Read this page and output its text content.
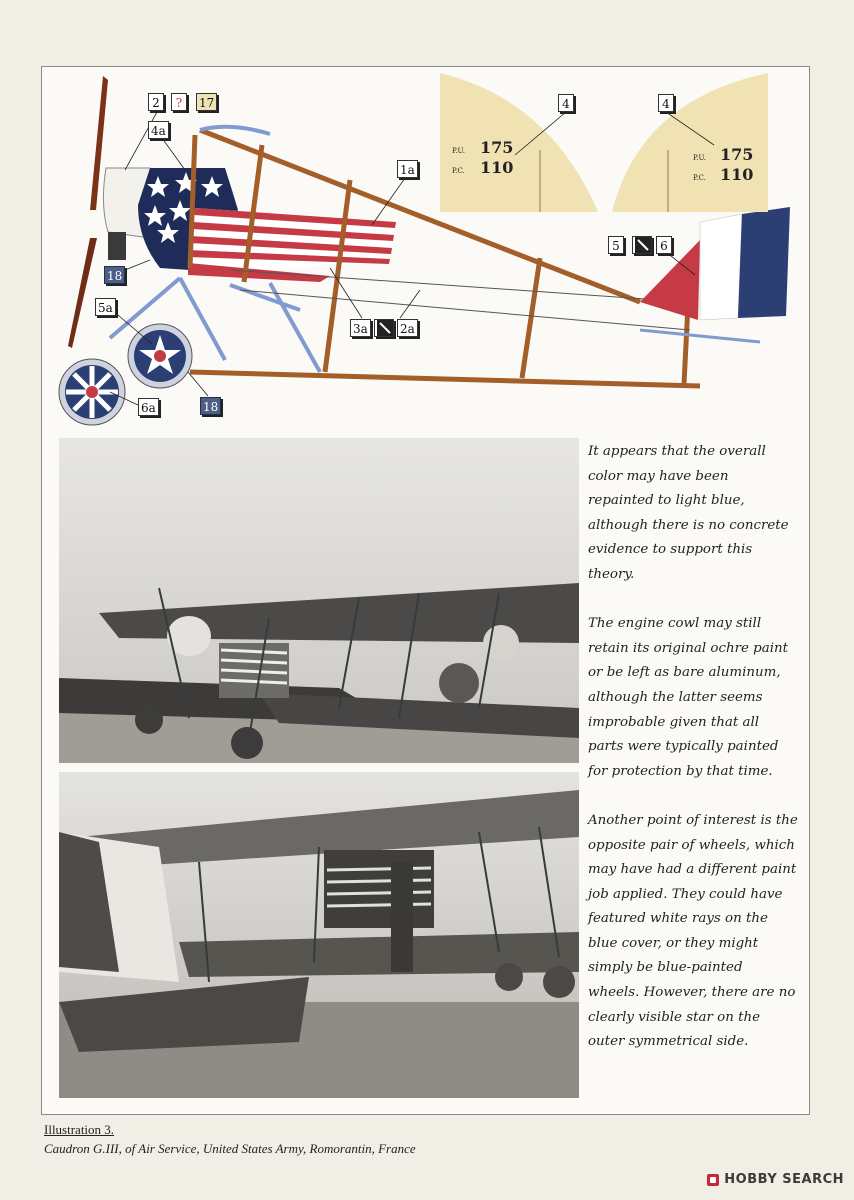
P.U. 175
P.C. 110	P.U. 175
P.C. 110
2	?	17
4a
1a
18
5a
3a	2a
6a	18
4	4
5	6

It appears that the overall color may have been repainted to light blue, although there is no concrete evidence to support this theory.

The engine cowl may still retain its original ochre paint or be left as bare aluminum, although the latter seems improbable given that all parts were typically painted for protection by that time.

Another point of interest is the opposite pair of wheels, which may have had a different paint job applied. They could have featured white rays on the blue cover, or they might simply be blue-painted wheels. However, there are no clearly visible star on the outer symmetrical side.

Illustration 3.
Caudron G.III, of Air Service, United States Army, Romorantin, France
HOBBY SEARCH
